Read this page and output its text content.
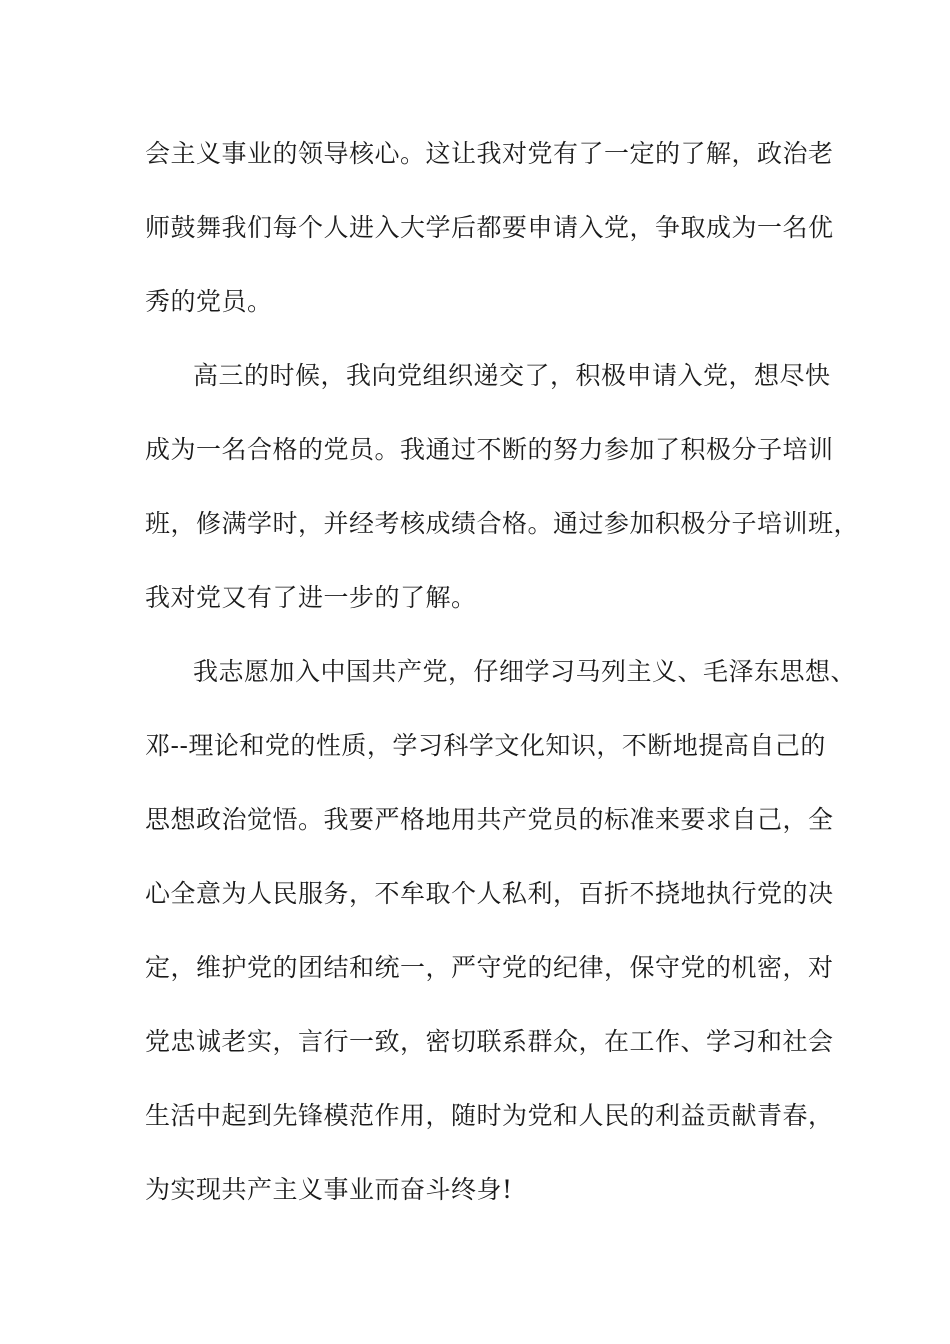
会主义事业的领导核心。这让我对党有了一定的了解，政治老
师鼓舞我们每个人进入大学后都要申请入党，争取成为一名优
秀的党员。
高三的时候，我向党组织递交了，积极申请入党，想尽快
成为一名合格的党员。我通过不断的努力参加了积极分子培训
班，修满学时，并经考核成绩合格。通过参加积极分子培训班，
我对党又有了进一步的了解。
我志愿加入中国共产党，仔细学习马列主义、毛泽东思想、
邓--理论和党的性质，学习科学文化知识，不断地提高自己的
思想政治觉悟。我要严格地用共产党员的标准来要求自己，全
心全意为人民服务，不牟取个人私利，百折不挠地执行党的决
定，维护党的团结和统一，严守党的纪律，保守党的机密，对
党忠诚老实，言行一致，密切联系群众，在工作、学习和社会
生活中起到先锋模范作用，随时为党和人民的利益贡献青春，
为实现共产主义事业而奋斗终身!
